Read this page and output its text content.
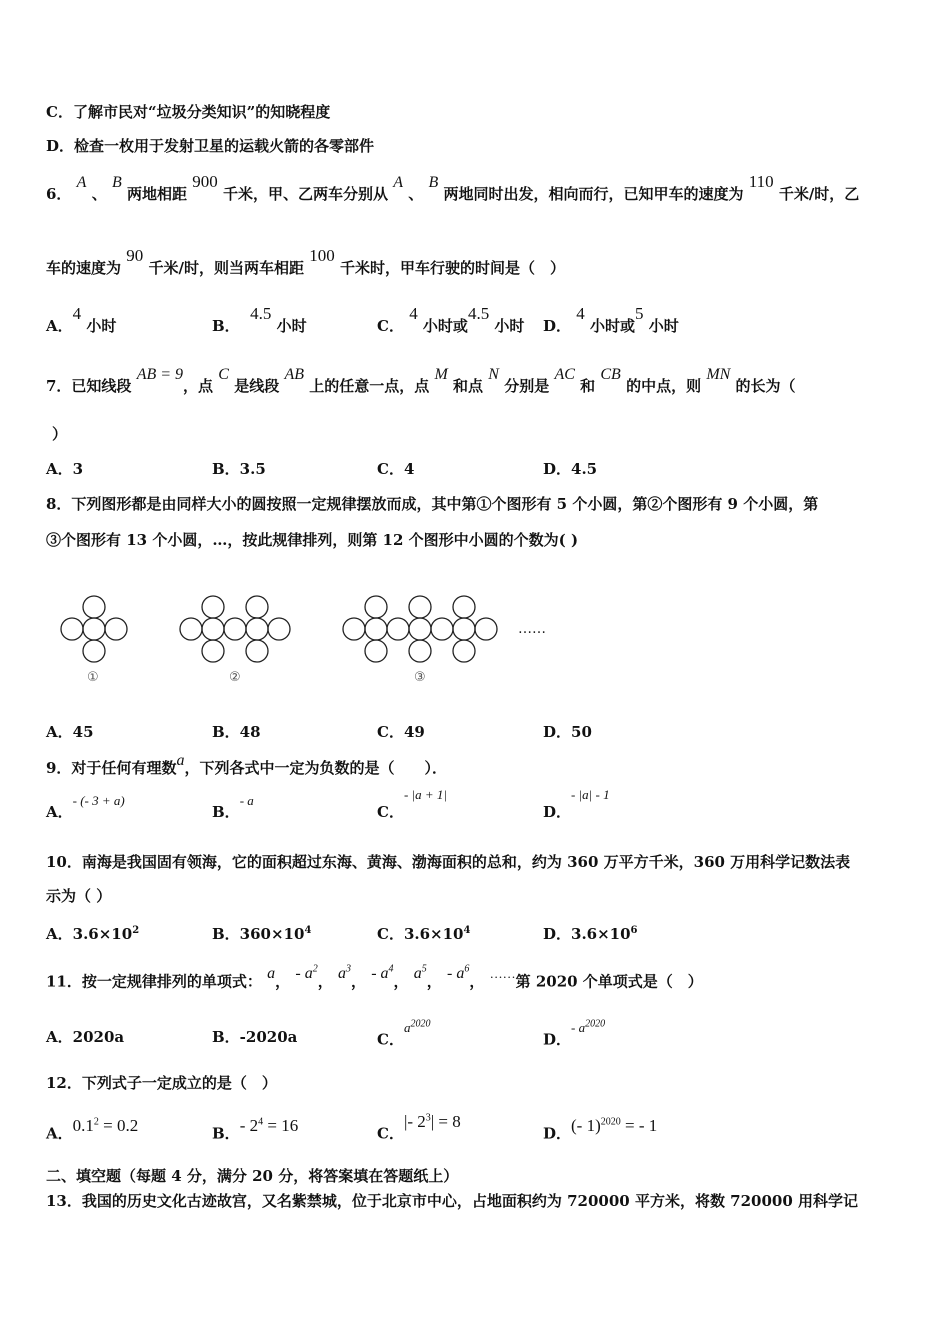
C．了解市民对“垃圾分类知识”的知晓程度
D．检查一枚用于发射卫星的运载火箭的各零部件
6． A 、 B 两地相距 900 千米，甲、乙两车分别从 A 、 B 两地同时出发，相向而行，已知甲车的速度为 110 千米/时，乙
车的速度为 90 千米/时，则当两车相距 100 千米时，甲车行驶的时间是（　）
A．4 小时	B．  4.5 小时	C． 4 小时或4.5 小时 D． 4 小时或5 小时
7．已知线段 AB = 9，点 C 是线段 AB 上的任意一点，点 M 和点 N 分别是 AC 和 CB 的中点，则 MN 的长为（
）
A．3	B．3.5	C．4	D．4.5
8．下列图形都是由同样大小的圆按照一定规律摆放而成，其中第①个图形有 5 个小圆，第②个图形有 9 个小圆，第
③个图形有 13 个小圆，…，按此规律排列，则第 12 个图形中小圆的个数为( )
……
①	②	③
A．45	B．48	C．49	D．50
9．对于任何有理数a，下列各式中一定为负数的是（　　）．
A．- (- 3 + a)
B．- a
C．- |a + 1|
D．- |a| - 1
10．南海是我国固有领海，它的面积超过东海、黄海、渤海面积的总和，约为 360 万平方千米，360 万用科学记数法表
示为（ ）
A．$3.6\times 10^2$	B．$360\times 10^4$	C．$3.6\times 10^4$	D．$3.6\times 10^6$
11．按一定规律排列的单项式： a， - $a^2$， $a^3$， - $a^4$， $a^5$， - $a^6$， ……第 2020 个单项式是（　）
A．2020a	B．-2020a	C．$a^{2020}$
D．- $a^{2020}$
12．下列式子一定成立的是（　）
A．$0.1^2 = 0.2$	B．- $2^4 = 16$	C．|- $2^3| = 8$
D．(- 1)$^{2020}$ = - 1
二、填空题（每题 4 分，满分 20 分，将答案填在答题纸上）
13．我国的历史文化古迹故宫，又名紫禁城，位于北京市中心，占地面积约为 720000 平方米，将数 720000 用科学记
